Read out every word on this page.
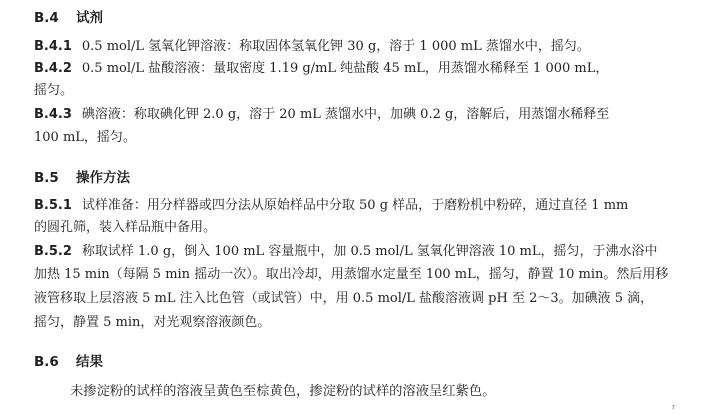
B.4 试剂
B.4.1 0.5 mol/L 氢氧化钾溶液：称取固体氢氧化钾 30 g，溶于 1 000 mL 蒸馏水中，摇匀。
B.4.2 0.5 mol/L 盐酸溶液：量取密度 1.19 g/mL 纯盐酸 45 mL，用蒸馏水稀释至 1 000 mL，
摇匀。
B.4.3 碘溶液：称取碘化钾 2.0 g，溶于 20 mL 蒸馏水中，加碘 0.2 g，溶解后，用蒸馏水稀释至
100 mL，摇匀。
B.5 操作方法
B.5.1 试样准备：用分样器或四分法从原始样品中分取 50 g 样品，于磨粉机中粉碎，通过直径 1 mm
的圆孔筛，装入样品瓶中备用。
B.5.2 称取试样 1.0 g，倒入 100 mL 容量瓶中，加 0.5 mol/L 氢氧化钾溶液 10 mL，摇匀，于沸水浴中
加热 15 min（每隔 5 min 摇动一次）。取出冷却，用蒸馏水定量至 100 mL，摇匀，静置 10 min。然后用移
液管移取上层溶液 5 mL 注入比色管（或试管）中，用 0.5 mol/L 盐酸溶液调 pH 至 2～3。加碘液 5 滴，
摇匀，静置 5 min，对光观察溶液颜色。
B.6 结果
未掺淀粉的试样的溶液呈黄色至棕黄色，掺淀粉的试样的溶液呈红紫色。
r
